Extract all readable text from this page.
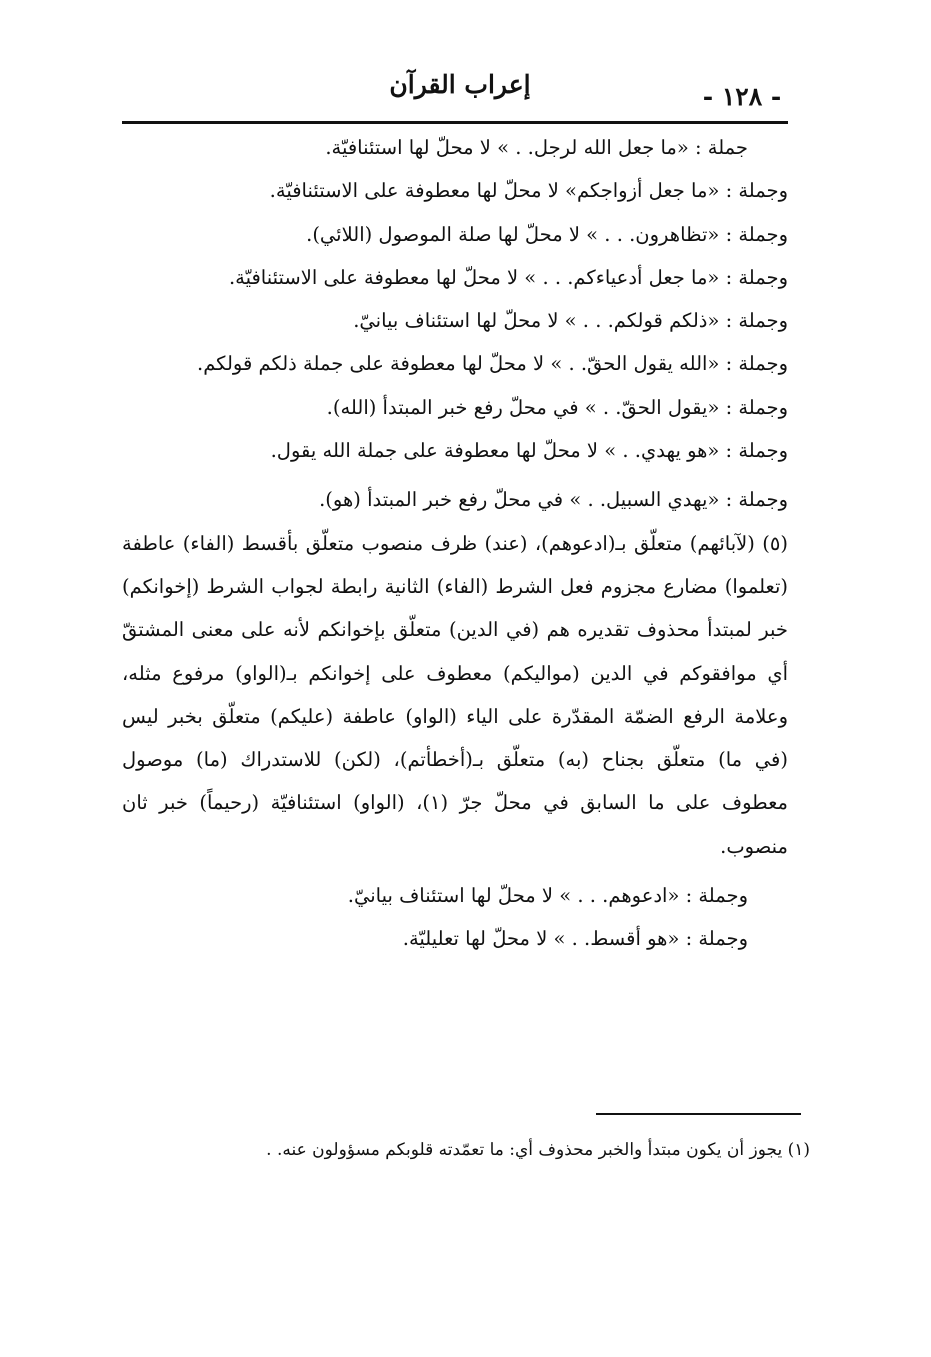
إعراب القرآن	- ١٢٨ -

جملة : «ما جعل الله لرجل. . » لا محلّ لها استئنافيّة.

وجملة : «ما جعل أزواجكم» لا محلّ لها معطوفة على الاستئنافيّة.

وجملة : «تظاهرون. . . » لا محلّ لها صلة الموصول (اللائي).

وجملة : «ما جعل أدعياءكم. . . » لا محلّ لها معطوفة على الاستئنافيّة.

وجملة : «ذلكم قولكم. . . » لا محلّ لها استئناف بيانيّ.

وجملة : «الله يقول الحقّ. . » لا محلّ لها معطوفة على جملة ذلكم قولكم.

وجملة : «يقول الحقّ. . » في محلّ رفع خبر المبتدأ (الله).

وجملة : «هو يهدي. . » لا محلّ لها معطوفة على جملة الله يقول.

وجملة : «يهدي السبيل. . » في محلّ رفع خبر المبتدأ (هو).

(٥) (لآبائهم) متعلّق بـ(ادعوهم)، (عند) ظرف منصوب متعلّق بأقسط (الفاء) عاطفة (تعلموا) مضارع مجزوم فعل الشرط (الفاء) الثانية رابطة لجواب الشرط (إخوانكم) خبر لمبتدأ محذوف تقديره هم (في الدين) متعلّق بإخوانكم لأنه على معنى المشتقّ أي موافقوكم في الدين (مواليكم) معطوف على إخوانكم بـ(الواو) مرفوع مثله، وعلامة الرفع الضمّة المقدّرة على الياء (الواو) عاطفة (عليكم) متعلّق بخبر ليس (في ما) متعلّق بجناح (به) متعلّق بـ(أخطأتم)، (لكن) للاستدراك (ما) موصول معطوف على ما السابق في محلّ جرّ (١)، (الواو) استئنافيّة (رحيماً) خبر ثان منصوب.

وجملة : «ادعوهم. . . » لا محلّ لها استئناف بيانيّ.

وجملة : «هو أقسط. . » لا محلّ لها تعليليّة.

(١) يجوز أن يكون مبتدأ والخبر محذوف أي: ما تعمّدته قلوبكم مسؤولون عنه. .
